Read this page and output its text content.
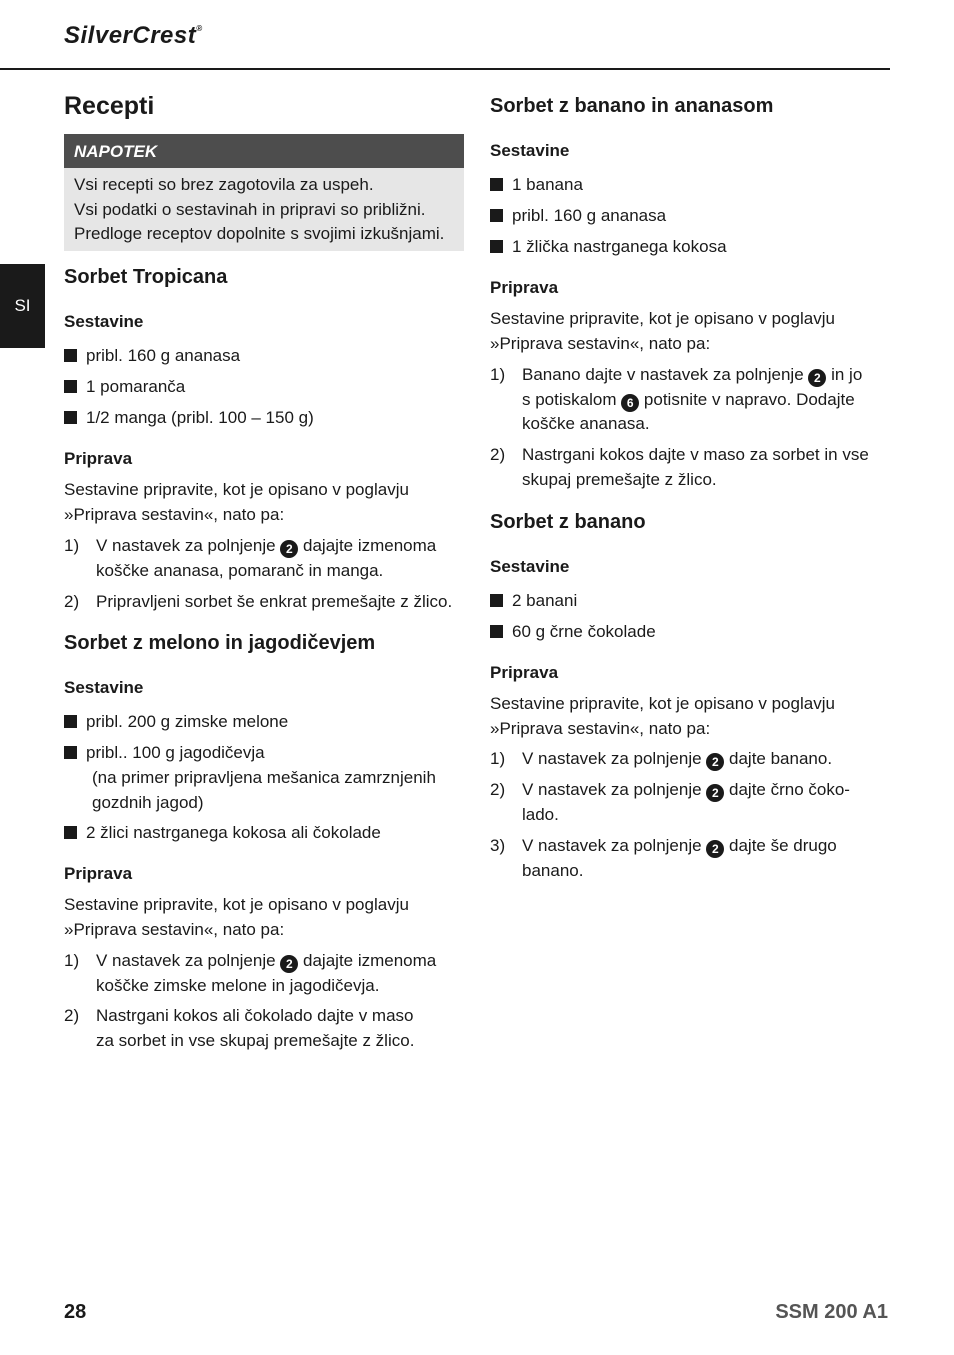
SilverCrest®
SI
Recepti
NAPOTEK
Vsi recepti so brez zagotovila za uspeh.
Vsi podatki o sestavinah in pripravi so približni.
Predloge receptov dopolnite s svojimi izkušnjami.
Sorbet Tropicana
Sestavine
pribl. 160 g ananasa
1 pomaranča
1/2 manga (pribl. 100 – 150 g)
Priprava
Sestavine pripravite, kot je opisano v poglavju
»Priprava sestavin«, nato pa:
1) V nastavek za polnjenje 2 dajajte izmenoma
koščke ananasa, pomaranč in manga.
2) Pripravljeni sorbet še enkrat premešajte z žlico.
Sorbet z melono in jagodičevjem
Sestavine
pribl. 200 g zimske melone
pribl.. 100 g jagodičevja
(na primer pripravljena mešanica zamrznjenih
gozdnih jagod)
2 žlici nastrganega kokosa ali čokolade
Priprava
Sestavine pripravite, kot je opisano v poglavju
»Priprava sestavin«, nato pa:
1) V nastavek za polnjenje 2 dajajte izmenoma
koščke zimske melone in jagodičevja.
2) Nastrgani kokos ali čokolado dajte v maso
za sorbet in vse skupaj premešajte z žlico.
Sorbet z banano in ananasom
Sestavine
1 banana
pribl. 160 g ananasa
1 žlička nastrganega kokosa
Priprava
Sestavine pripravite, kot je opisano v poglavju
»Priprava sestavin«, nato pa:
1) Banano dajte v nastavek za polnjenje 2 in jo
s potiskalom 6 potisnite v napravo. Dodajte
koščke ananasa.
2) Nastrgani kokos dajte v maso za sorbet in vse
skupaj premešajte z žlico.
Sorbet z banano
Sestavine
2 banani
60 g črne čokolade
Priprava
Sestavine pripravite, kot je opisano v poglavju
»Priprava sestavin«, nato pa:
1) V nastavek za polnjenje 2 dajte banano.
2) V nastavek za polnjenje 2 dajte črno čoko-
lado.
3) V nastavek za polnjenje 2 dajte še drugo
banano.
28	SSM 200 A1
